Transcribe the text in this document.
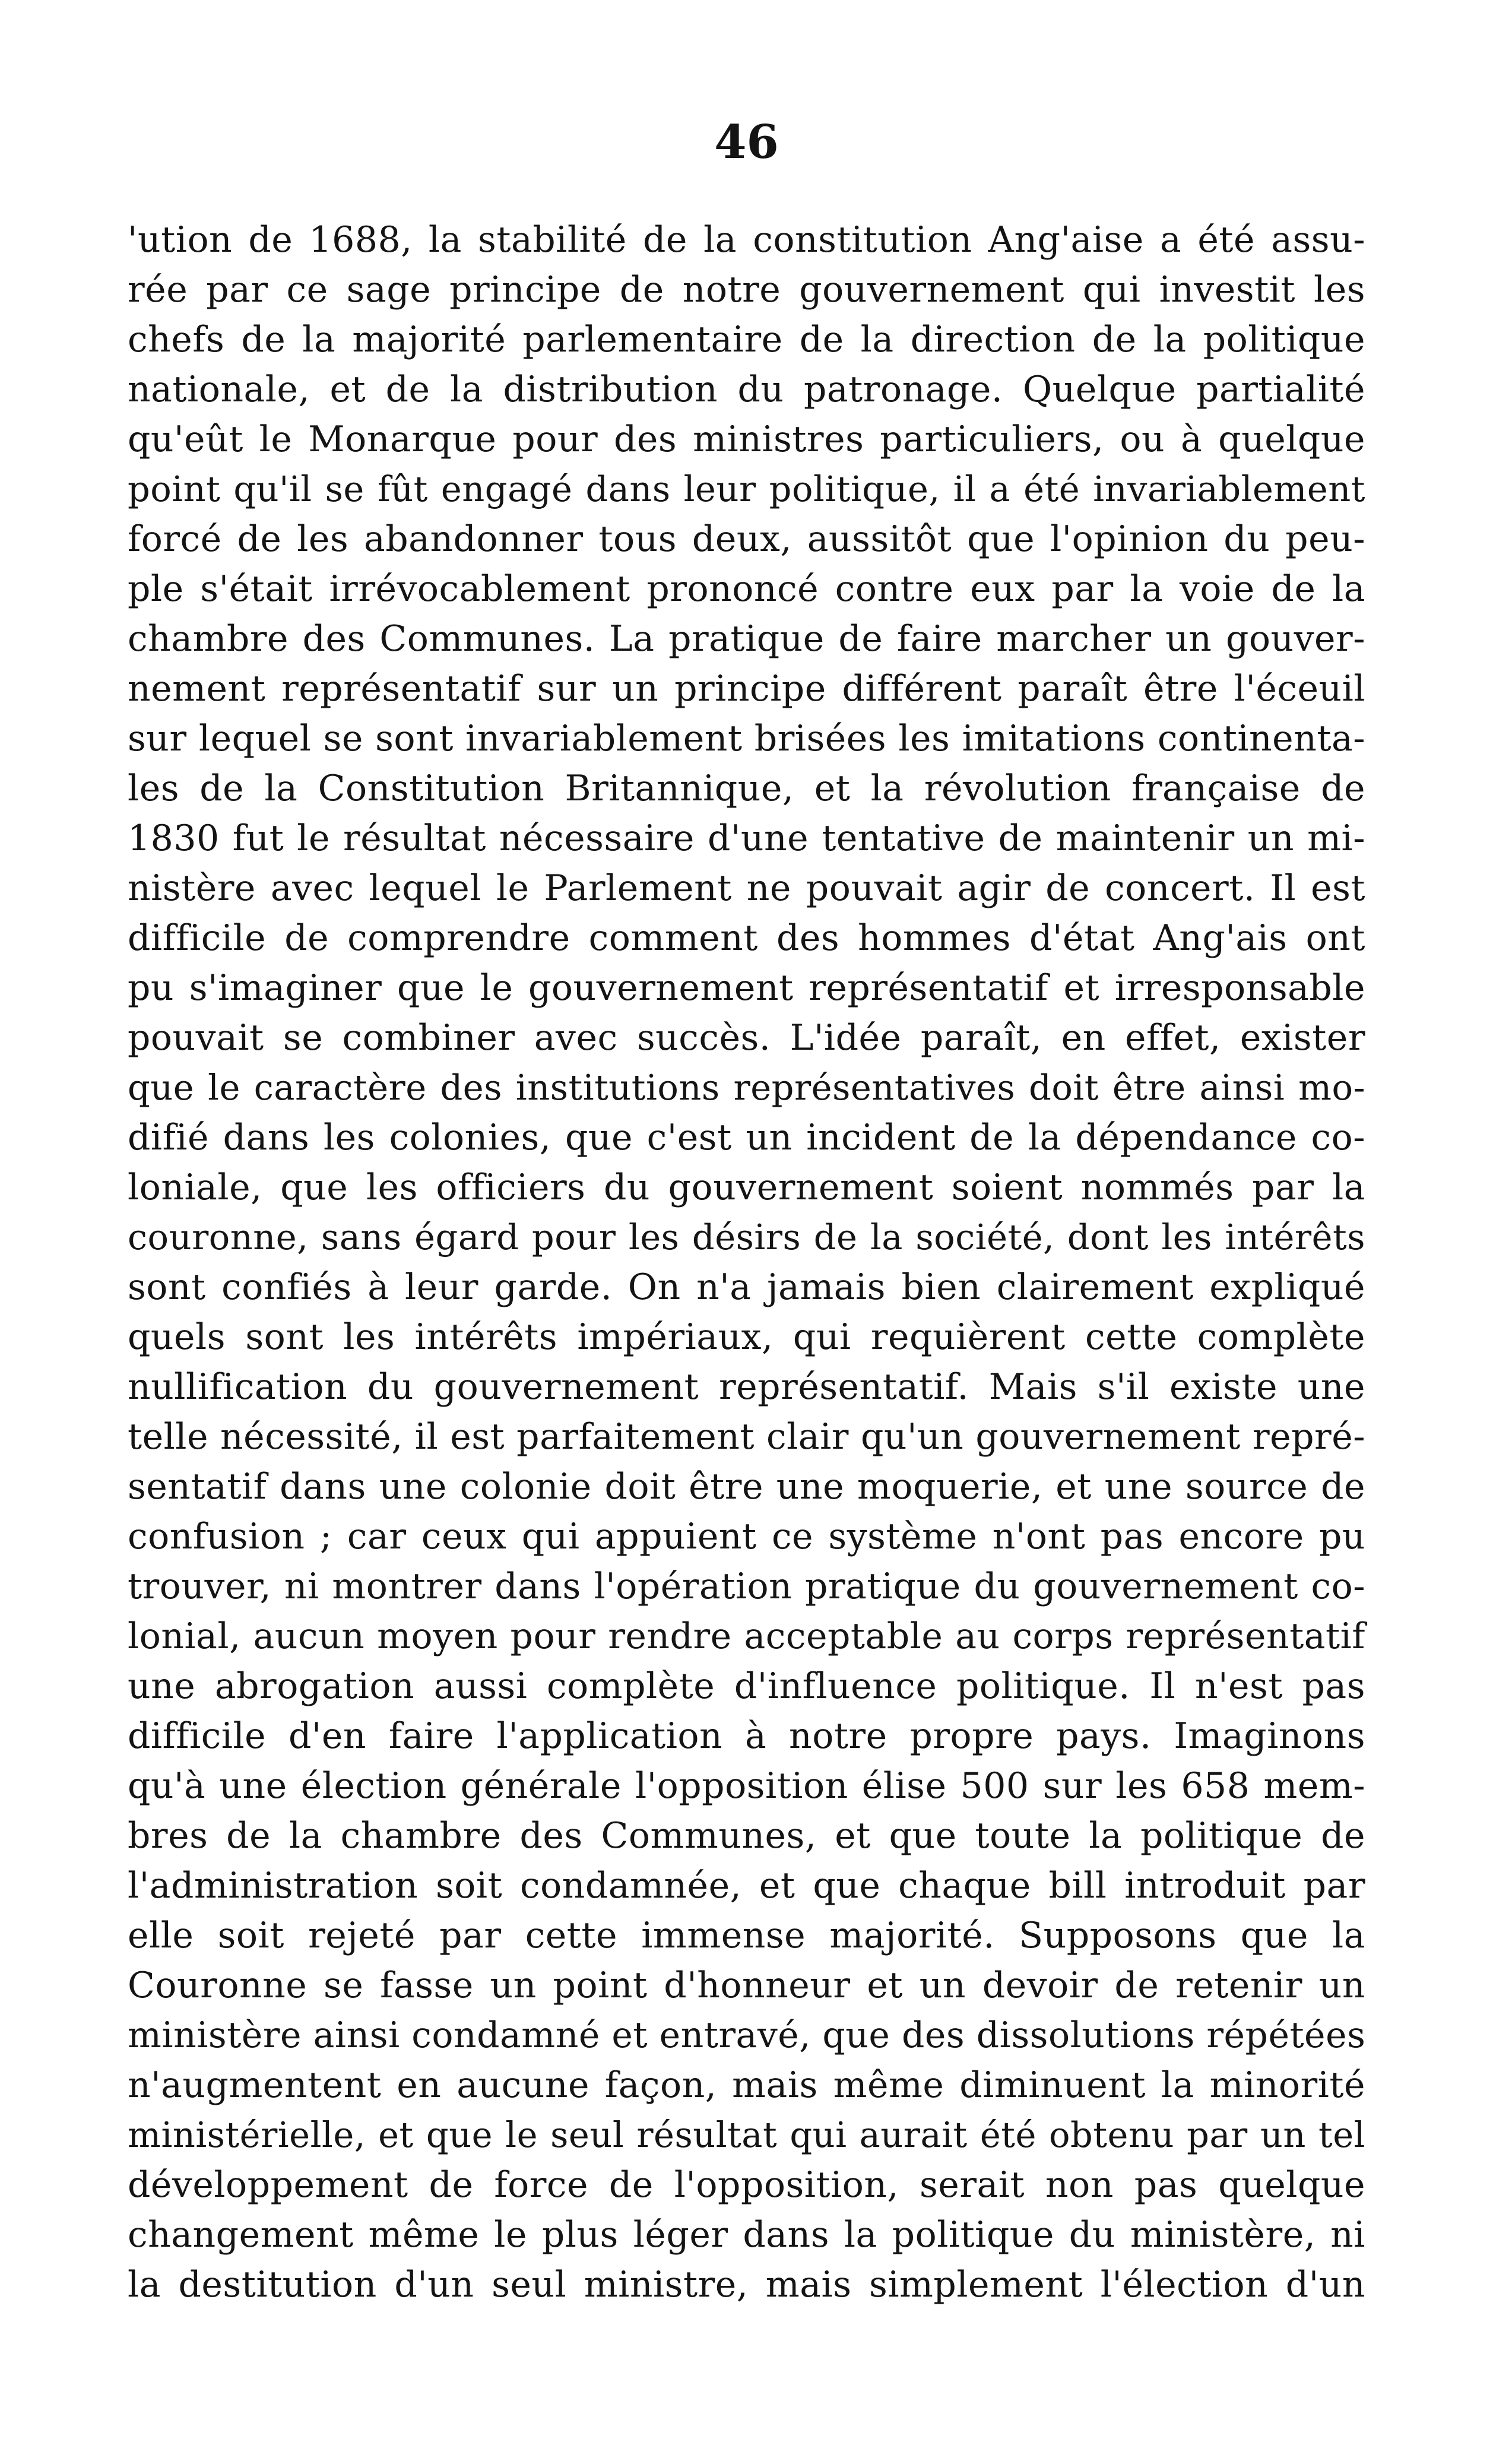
46
'ution de 1688, la stabilité de la constitution Ang'aise a été assu-
rée par ce sage principe de notre gouvernement qui investit les
chefs de la majorité parlementaire de la direction de la politique
nationale, et de la distribution du patronage. Quelque partialité
qu'eût le Monarque pour des ministres particuliers, ou à quelque
point qu'il se fût engagé dans leur politique, il a été invariablement
forcé de les abandonner tous deux, aussitôt que l'opinion du peu-
ple s'était irrévocablement prononcé contre eux par la voie de la
chambre des Communes. La pratique de faire marcher un gouver-
nement représentatif sur un principe différent paraît être l'éceuil
sur lequel se sont invariablement brisées les imitations continenta-
les de la Constitution Britannique, et la révolution française de
1830 fut le résultat nécessaire d'une tentative de maintenir un mi-
nistère avec lequel le Parlement ne pouvait agir de concert. Il est
difficile de comprendre comment des hommes d'état Ang'ais ont
pu s'imaginer que le gouvernement représentatif et irresponsable
pouvait se combiner avec succès. L'idée paraît, en effet, exister
que le caractère des institutions représentatives doit être ainsi mo-
difié dans les colonies, que c'est un incident de la dépendance co-
loniale, que les officiers du gouvernement soient nommés par la
couronne, sans égard pour les désirs de la société, dont les intérêts
sont confiés à leur garde. On n'a jamais bien clairement expliqué
quels sont les intérêts impériaux, qui requièrent cette complète
nullification du gouvernement représentatif. Mais s'il existe une
telle nécessité, il est parfaitement clair qu'un gouvernement repré-
sentatif dans une colonie doit être une moquerie, et une source de
confusion ; car ceux qui appuient ce système n'ont pas encore pu
trouver, ni montrer dans l'opération pratique du gouvernement co-
lonial, aucun moyen pour rendre acceptable au corps représentatif
une abrogation aussi complète d'influence politique. Il n'est pas
difficile d'en faire l'application à notre propre pays. Imaginons
qu'à une élection générale l'opposition élise 500 sur les 658 mem-
bres de la chambre des Communes, et que toute la politique de
l'administration soit condamnée, et que chaque bill introduit par
elle soit rejeté par cette immense majorité. Supposons que la
Couronne se fasse un point d'honneur et un devoir de retenir un
ministère ainsi condamné et entravé, que des dissolutions répétées
n'augmentent en aucune façon, mais même diminuent la minorité
ministérielle, et que le seul résultat qui aurait été obtenu par un tel
développement de force de l'opposition, serait non pas quelque
changement même le plus léger dans la politique du ministère, ni
la destitution d'un seul ministre, mais simplement l'élection d'un
